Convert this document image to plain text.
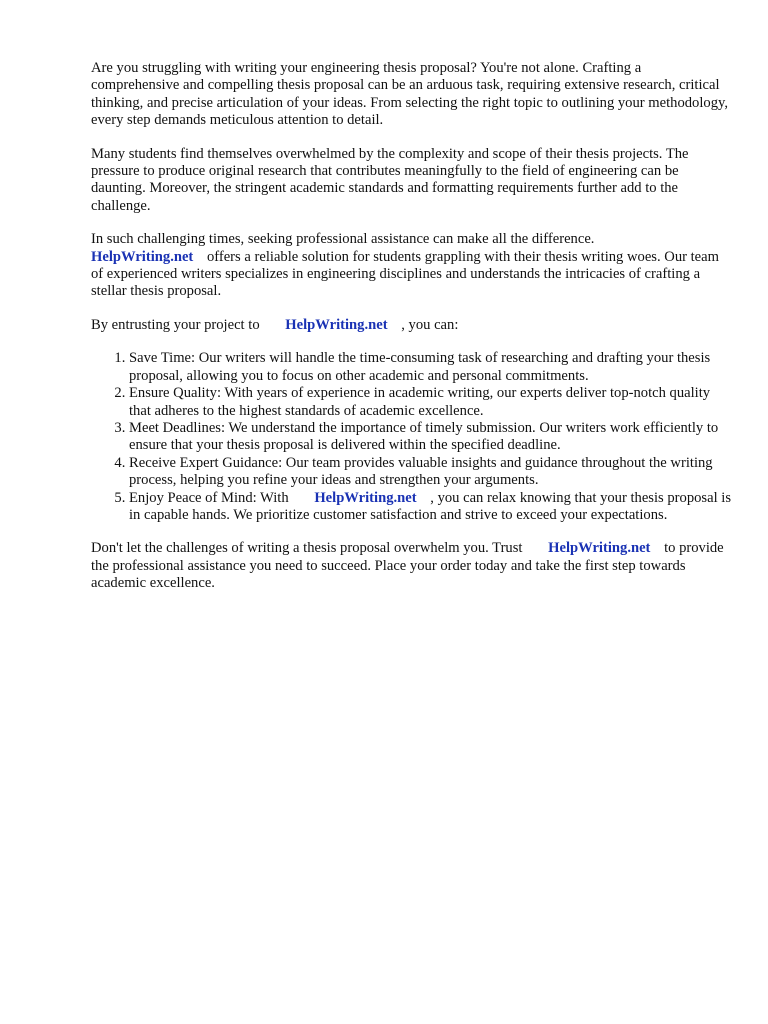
Are you struggling with writing your engineering thesis proposal? You're not alone. Crafting a comprehensive and compelling thesis proposal can be an arduous task, requiring extensive research, critical thinking, and precise articulation of your ideas. From selecting the right topic to outlining your methodology, every step demands meticulous attention to detail.

Many students find themselves overwhelmed by the complexity and scope of their thesis projects. The pressure to produce original research that contributes meaningfully to the field of engineering can be daunting. Moreover, the stringent academic standards and formatting requirements further add to the challenge.

In such challenging times, seeking professional assistance can make all the difference.
HelpWriting.net offers a reliable solution for students grappling with their thesis writing woes. Our team of experienced writers specializes in engineering disciplines and understands the intricacies of crafting a stellar thesis proposal.

By entrusting your project to HelpWriting.net , you can:

1. Save Time: Our writers will handle the time-consuming task of researching and drafting your thesis proposal, allowing you to focus on other academic and personal commitments.
2. Ensure Quality: With years of experience in academic writing, our experts deliver top-notch quality that adheres to the highest standards of academic excellence.
3. Meet Deadlines: We understand the importance of timely submission. Our writers work efficiently to ensure that your thesis proposal is delivered within the specified deadline.
4. Receive Expert Guidance: Our team provides valuable insights and guidance throughout the writing process, helping you refine your ideas and strengthen your arguments.
5. Enjoy Peace of Mind: With HelpWriting.net , you can relax knowing that your thesis proposal is in capable hands. We prioritize customer satisfaction and strive to exceed your expectations.

Don't let the challenges of writing a thesis proposal overwhelm you. Trust HelpWriting.net to provide the professional assistance you need to succeed. Place your order today and take the first step towards academic excellence.
